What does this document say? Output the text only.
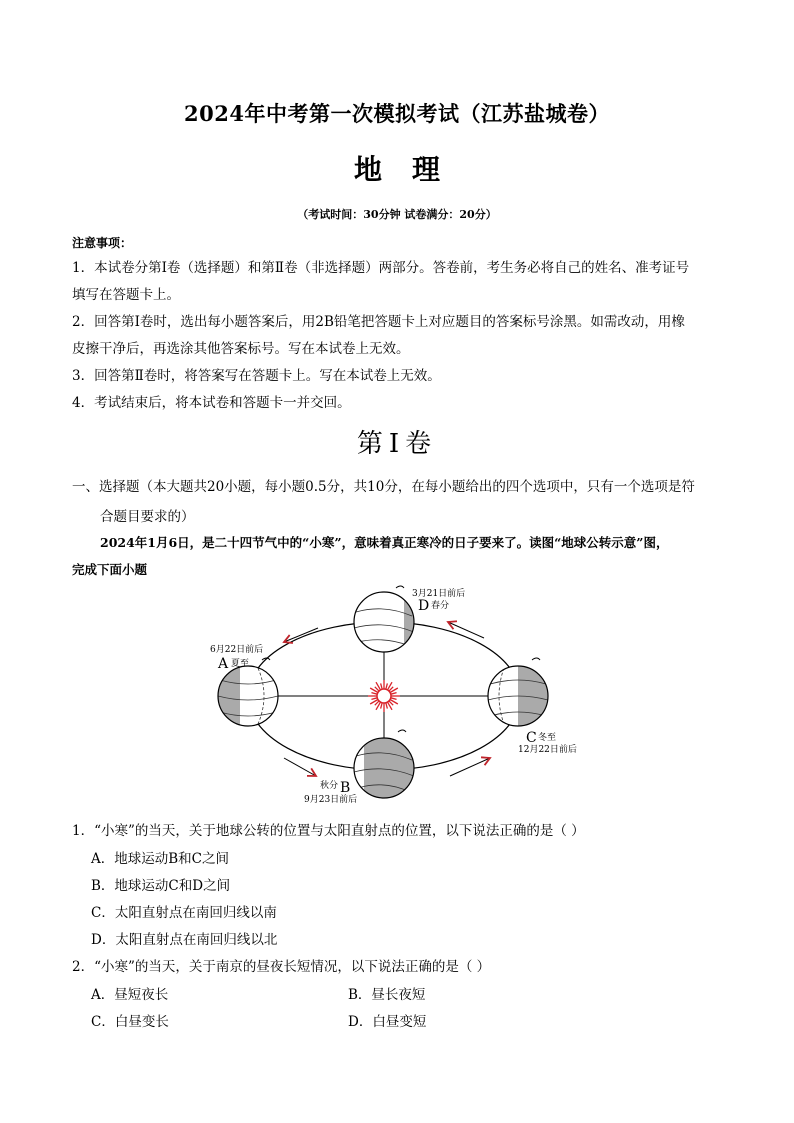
2024年中考第一次模拟考试（江苏盐城卷）
地理
（考试时间：30分钟 试卷满分：20分）
注意事项：
1．本试卷分第Ⅰ卷（选择题）和第Ⅱ卷（非选择题）两部分。答卷前，考生务必将自己的姓名、准考证号
填写在答题卡上。
2．回答第Ⅰ卷时，选出每小题答案后，用2B铅笔把答题卡上对应题目的答案标号涂黑。如需改动，用橡
皮擦干净后，再选涂其他答案标号。写在本试卷上无效。
3．回答第Ⅱ卷时，将答案写在答题卡上。写在本试卷上无效。
4．考试结束后，将本试卷和答题卡一并交回。
第Ⅰ卷
一、选择题（本大题共20小题，每小题0.5分，共10分，在每小题给出的四个选项中，只有一个选项是符
合题目要求的）
2024年1月6日，是二十四节气中的“小寒”，意味着真正寒冷的日子要来了。读图“地球公转示意”图，
完成下面小题
6月22日前后
A 夏至
3月21日前后
D 春分
C 冬至
12月22日前后
秋分 B
9月23日前后
1．“小寒”的当天，关于地球公转的位置与太阳直射点的位置，以下说法正确的是（ ）
A．地球运动B和C之间
B．地球运动C和D之间
C．太阳直射点在南回归线以南
D．太阳直射点在南回归线以北
2．“小寒”的当天，关于南京的昼夜长短情况，以下说法正确的是（ ）
A．昼短夜长	B．昼长夜短
C．白昼变长	D．白昼变短
